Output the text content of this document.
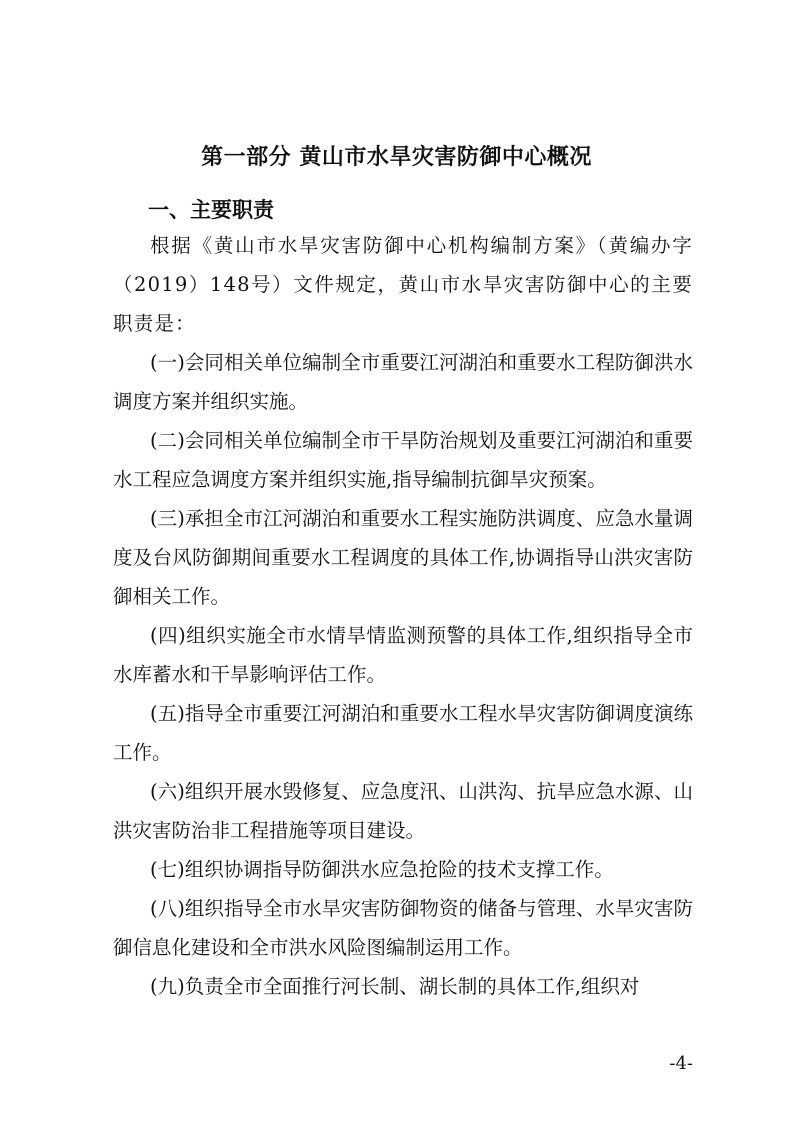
第一部分 黄山市水旱灾害防御中心概况
一、主要职责

根据《黄山市水旱灾害防御中心机构编制方案》（黄编办字（2019）148号）文件规定，黄山市水旱灾害防御中心的主要职责是：

(一)会同相关单位编制全市重要江河湖泊和重要水工程防御洪水调度方案并组织实施。

(二)会同相关单位编制全市干旱防治规划及重要江河湖泊和重要水工程应急调度方案并组织实施,指导编制抗御旱灾预案。

(三)承担全市江河湖泊和重要水工程实施防洪调度、应急水量调度及台风防御期间重要水工程调度的具体工作,协调指导山洪灾害防御相关工作。

(四)组织实施全市水情旱情监测预警的具体工作,组织指导全市水库蓄水和干旱影响评估工作。

(五)指导全市重要江河湖泊和重要水工程水旱灾害防御调度演练工作。

(六)组织开展水毁修复、应急度汛、山洪沟、抗旱应急水源、山洪灾害防治非工程措施等项目建设。

(七)组织协调指导防御洪水应急抢险的技术支撑工作。

(八)组织指导全市水旱灾害防御物资的储备与管理、水旱灾害防御信息化建设和全市洪水风险图编制运用工作。

(九)负责全市全面推行河长制、湖长制的具体工作,组织对

-4-
